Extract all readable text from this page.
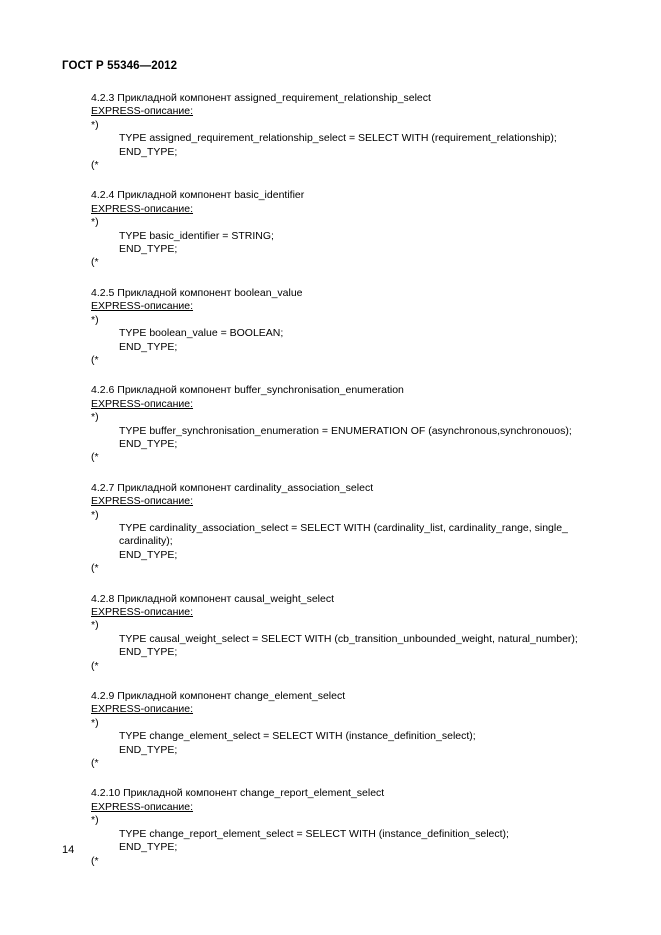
ГОСТ Р 55346—2012
4.2.3 Прикладной компонент assigned_requirement_relationship_select
EXPRESS-описание:
*)
TYPE assigned_requirement_relationship_select = SELECT WITH (requirement_relationship);
END_TYPE;
(*
4.2.4 Прикладной компонент basic_identifier
EXPRESS-описание:
*)
TYPE basic_identifier = STRING;
END_TYPE;
(*
4.2.5 Прикладной компонент boolean_value
EXPRESS-описание:
*)
TYPE boolean_value = BOOLEAN;
END_TYPE;
(*
4.2.6 Прикладной компонент buffer_synchronisation_enumeration
EXPRESS-описание:
*)
TYPE buffer_synchronisation_enumeration = ENUMERATION OF (asynchronous,synchronouos);
END_TYPE;
(*
4.2.7 Прикладной компонент cardinality_association_select
EXPRESS-описание:
*)
TYPE cardinality_association_select = SELECT WITH (cardinality_list, cardinality_range, single_
cardinality);
END_TYPE;
(*
4.2.8 Прикладной компонент causal_weight_select
EXPRESS-описание:
*)
TYPE causal_weight_select = SELECT WITH (cb_transition_unbounded_weight, natural_number);
END_TYPE;
(*
4.2.9 Прикладной компонент change_element_select
EXPRESS-описание:
*)
TYPE change_element_select = SELECT WITH (instance_definition_select);
END_TYPE;
(*
4.2.10 Прикладной компонент change_report_element_select
EXPRESS-описание:
*)
TYPE change_report_element_select = SELECT WITH (instance_definition_select);
END_TYPE;
(*
14
